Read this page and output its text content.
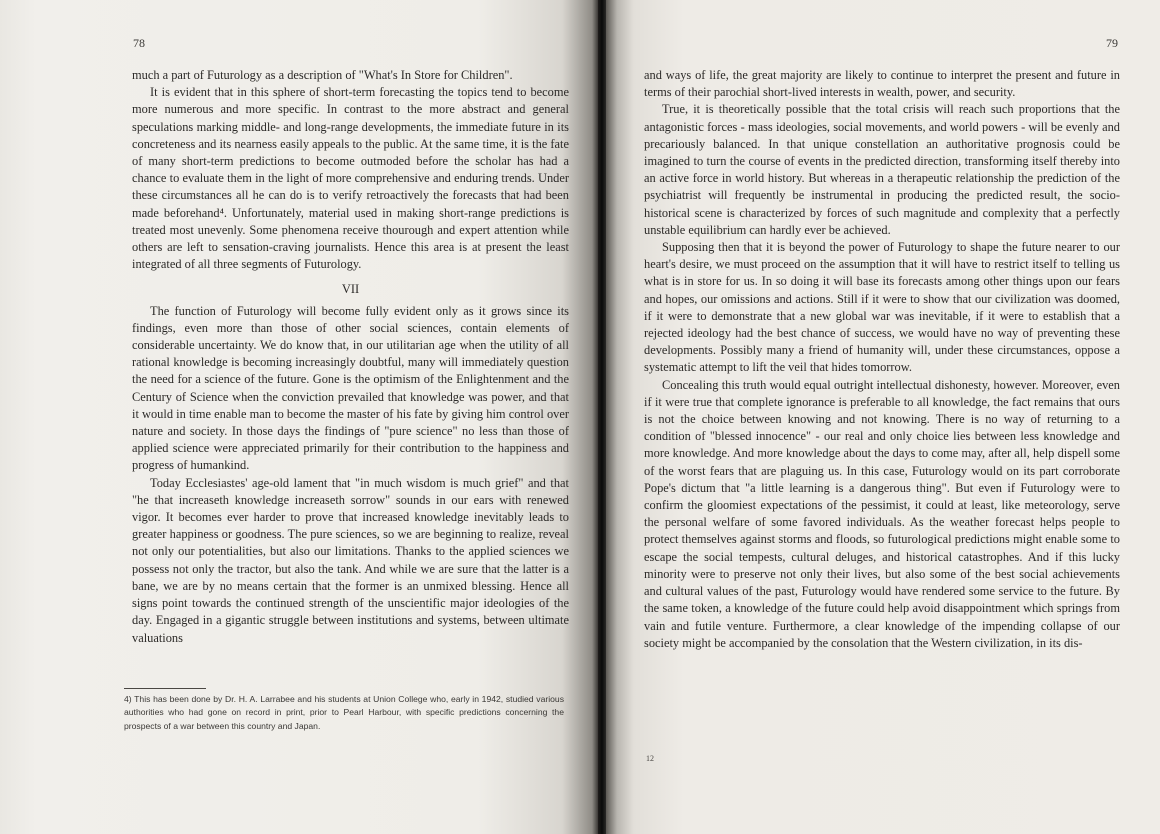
78

much a part of Futurology as a description of "What's In Store for Children".

It is evident that in this sphere of short-term forecasting the topics tend to become more numerous and more specific. In contrast to the more abstract and general speculations marking middle- and long-range developments, the immediate future in its concreteness and its nearness easily appeals to the public. At the same time, it is the fate of many short-term predictions to become outmoded before the scholar has had a chance to evaluate them in the light of more comprehensive and enduring trends. Under these circumstances all he can do is to verify retroactively the forecasts that had been made beforehand⁴. Unfortunately, material used in making short-range predictions is treated most unevenly. Some phenomena receive thourough and expert attention while others are left to sensation-craving journalists. Hence this area is at present the least integrated of all three segments of Futurology.

VII

The function of Futurology will become fully evident only as it grows since its findings, even more than those of other social sciences, contain elements of considerable uncertainty. We do know that, in our utilitarian age when the utility of all rational knowledge is becoming increasingly doubtful, many will immediately question the need for a science of the future. Gone is the optimism of the Enlightenment and the Century of Science when the conviction prevailed that knowledge was power, and that it would in time enable man to become the master of his fate by giving him control over nature and society. In those days the findings of "pure science" no less than those of applied science were appreciated primarily for their contribution to the happiness and progress of humankind.

Today Ecclesiastes' age-old lament that "in much wisdom is much grief" and that "he that increaseth knowledge increaseth sorrow" sounds in our ears with renewed vigor. It becomes ever harder to prove that increased knowledge inevitably leads to greater happiness or goodness. The pure sciences, so we are beginning to realize, reveal not only our potentialities, but also our limitations. Thanks to the applied sciences we possess not only the tractor, but also the tank. And while we are sure that the latter is a bane, we are by no means certain that the former is an unmixed blessing. Hence all signs point towards the continued strength of the unscientific major ideologies of the day. Engaged in a gigantic struggle between institutions and systems, between ultimate valuations

4) This has been done by Dr. H. A. Larrabee and his students at Union College who, early in 1942, studied various authorities who had gone on record in print, prior to Pearl Harbour, with specific predictions concerning the prospects of a war between this country and Japan.
79

and ways of life, the great majority are likely to continue to interpret the present and future in terms of their parochial short-lived interests in wealth, power, and security.

True, it is theoretically possible that the total crisis will reach such proportions that the antagonistic forces - mass ideologies, social movements, and world powers - will be evenly and precariously balanced. In that unique constellation an authoritative prognosis could be imagined to turn the course of events in the predicted direction, transforming itself thereby into an active force in world history. But whereas in a therapeutic relationship the prediction of the psychiatrist will frequently be instrumental in producing the predicted result, the socio-historical scene is characterized by forces of such magnitude and complexity that a perfectly unstable equilibrium can hardly ever be achieved.

Supposing then that it is beyond the power of Futurology to shape the future nearer to our heart's desire, we must proceed on the assumption that it will have to restrict itself to telling us what is in store for us. In so doing it will base its forecasts among other things upon our fears and hopes, our omissions and actions. Still if it were to show that our civilization was doomed, if it were to demonstrate that a new global war was inevitable, if it were to establish that a rejected ideology had the best chance of success, we would have no way of preventing these developments. Possibly many a friend of humanity will, under these circumstances, oppose a systematic attempt to lift the veil that hides tomorrow.

Concealing this truth would equal outright intellectual dishonesty, however. Moreover, even if it were true that complete ignorance is preferable to all knowledge, the fact remains that ours is not the choice between knowing and not knowing. There is no way of returning to a condition of "blessed innocence" - our real and only choice lies between less knowledge and more knowledge. And more knowledge about the days to come may, after all, help dispell some of the worst fears that are plaguing us. In this case, Futurology would on its part corroborate Pope's dictum that "a little learning is a dangerous thing". But even if Futurology were to confirm the gloomiest expectations of the pessimist, it could at least, like meteorology, serve the personal welfare of some favored individuals. As the weather forecast helps people to protect themselves against storms and floods, so futurological predictions might enable some to escape the social tempests, cultural deluges, and historical catastrophes. And if this lucky minority were to preserve not only their lives, but also some of the best social achievements and cultural values of the past, Futurology would have rendered some service to the future. By the same token, a knowledge of the future could help avoid disappointment which springs from vain and futile venture. Furthermore, a clear knowledge of the impending collapse of our society might be accompanied by the consolation that the Western civilization, in its dis-

12
